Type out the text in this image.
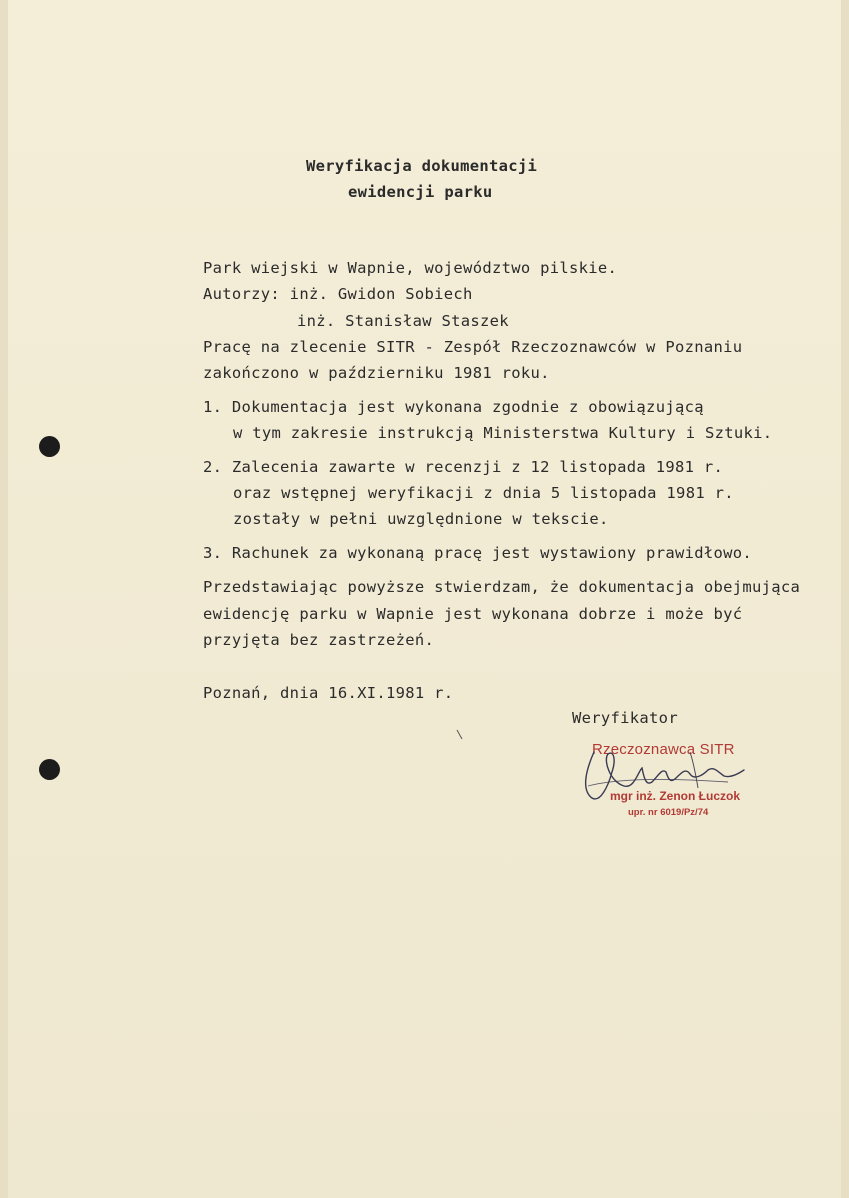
Weryfikacja dokumentacji
ewidencji parku
Park wiejski w Wapnie, województwo pilskie.
Autorzy: inż. Gwidon Sobiech
inż. Stanisław Staszek
Pracę na zlecenie SITR - Zespół Rzeczoznawców w Poznaniu
zakończono w październiku 1981 roku.
1. Dokumentacja jest wykonana zgodnie z obowiązującą
w tym zakresie instrukcją Ministerstwa Kultury i Sztuki.
2. Zalecenia zawarte w recenzji z 12 listopada 1981 r.
oraz wstępnej weryfikacji z dnia 5 listopada 1981 r.
zostały w pełni uwzględnione w tekscie.
3. Rachunek za wykonaną pracę jest wystawiony prawidłowo.
Przedstawiając powyższe stwierdzam, że dokumentacja obejmująca
ewidencję parku w Wapnie jest wykonana dobrze i może być
przyjęta bez zastrzeżeń.
Poznań, dnia 16.XI.1981 r.
Weryfikator
Rzeczoznawca SITR
mgr inż. Zenon Łuczok
upr. nr 6019/Pz/74
